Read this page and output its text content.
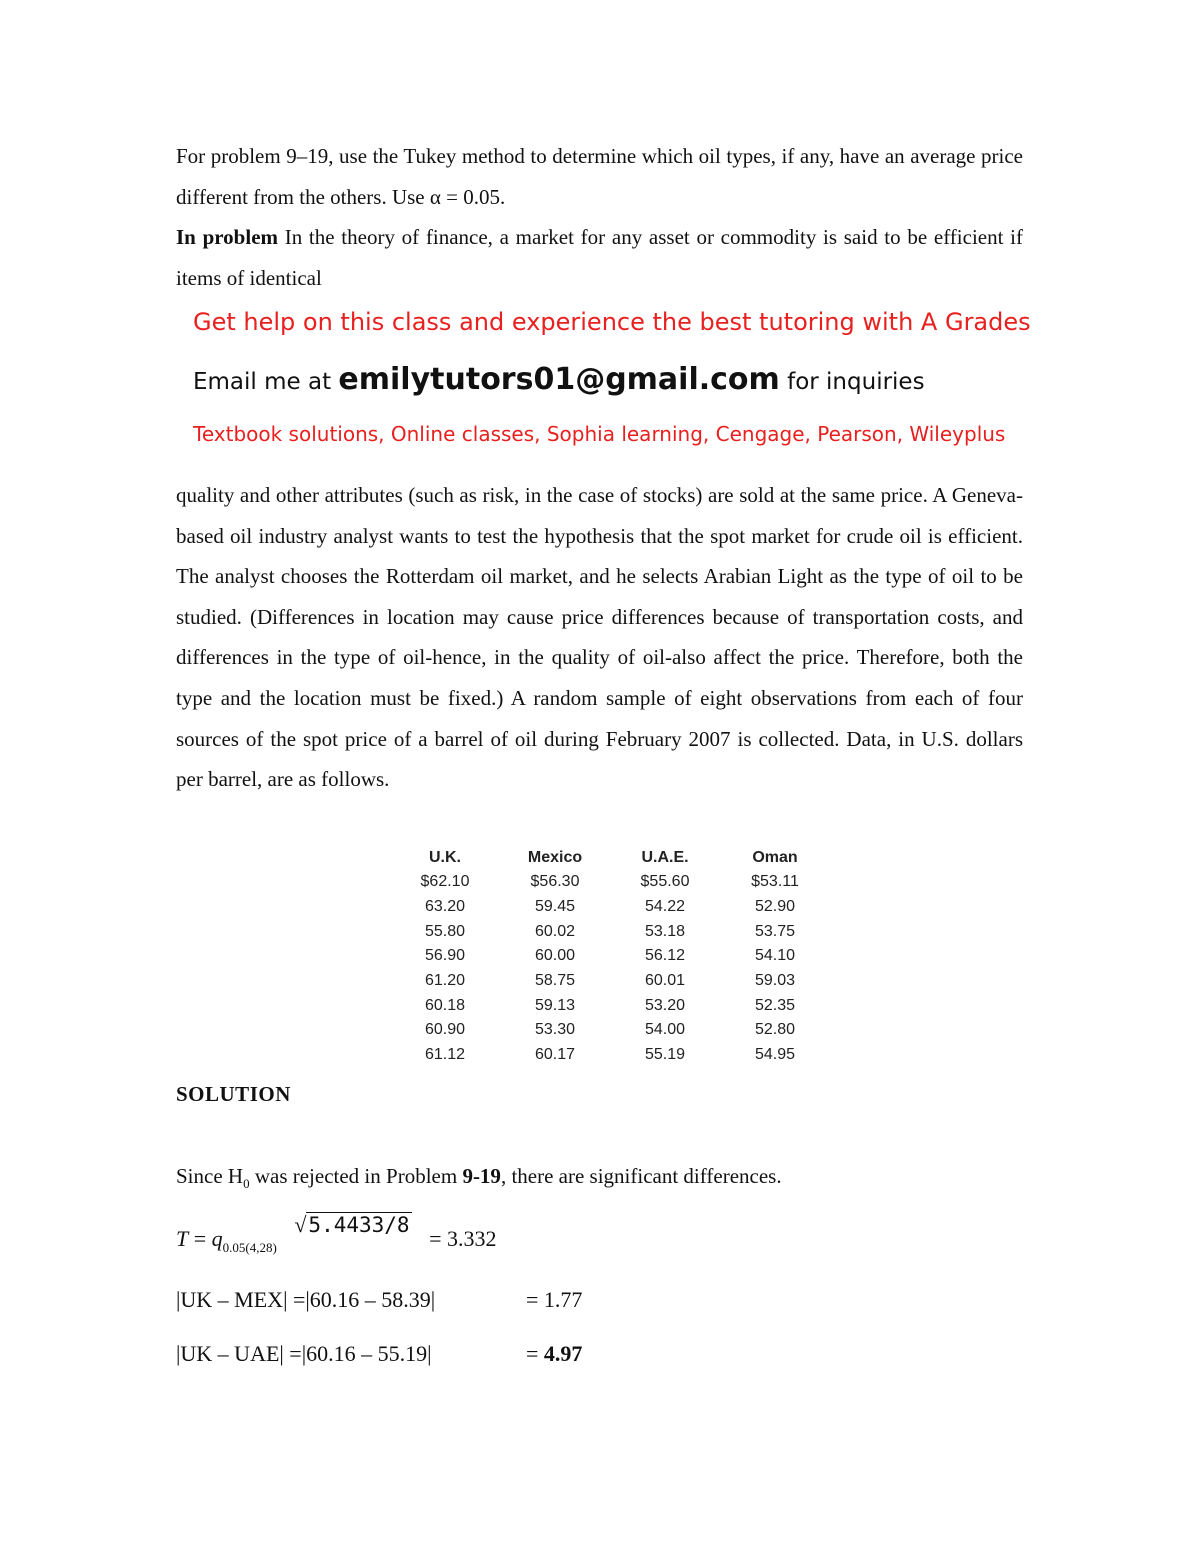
For problem 9–19, use the Tukey method to determine which oil types, if any, have an average price different from the others. Use α = 0.05.

In problem In the theory of finance, a market for any asset or commodity is said to be efficient if items of identical

Get help on this class and experience the best tutoring with A Grades

Email me at emilytutors01@gmail.com for inquiries

Textbook solutions, Online classes, Sophia learning, Cengage, Pearson, Wileyplus

quality and other attributes (such as risk, in the case of stocks) are sold at the same price. A Geneva-based oil industry analyst wants to test the hypothesis that the spot market for crude oil is efficient. The analyst chooses the Rotterdam oil market, and he selects Arabian Light as the type of oil to be studied. (Differences in location may cause price differences because of transportation costs, and differences in the type of oil-hence, in the quality of oil-also affect the price. Therefore, both the type and the location must be fixed.) A random sample of eight observations from each of four sources of the spot price of a barrel of oil during February 2007 is collected. Data, in U.S. dollars per barrel, are as follows.

U.K.	Mexico	U.A.E.	Oman
$62.10	$56.30	$55.60	$53.11
63.20	59.45	54.22	52.90
55.80	60.02	53.18	53.75
56.90	60.00	56.12	54.10
61.20	58.75	60.01	59.03
60.18	59.13	53.20	52.35
60.90	53.30	54.00	52.80
61.12	60.17	55.19	54.95

SOLUTION

Since $H_0$ was rejected in Problem 9-19, there are significant differences.

$T = q_{0.05(4,28)}$ √5.4433/8 = 3.332

|UK – MEX| =|60.16 – 58.39|	= 1.77

|UK – UAE| =|60.16 – 55.19|	= 4.97
